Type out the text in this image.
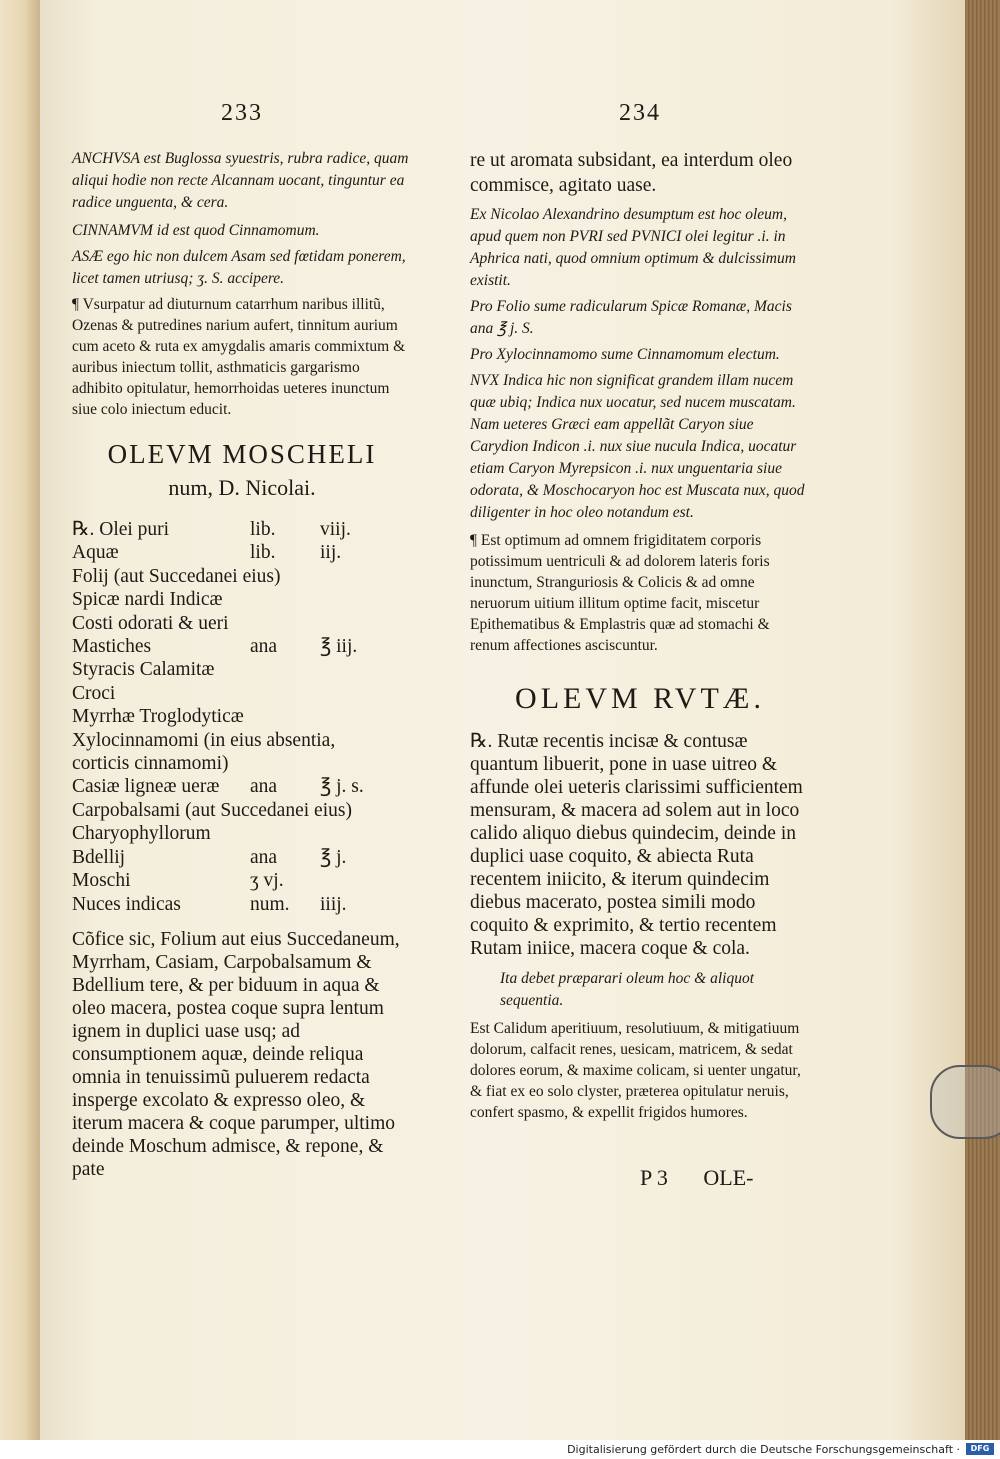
233

ANCHVSA est Buglossa syuestris, rubra radice, quam aliqui hodie non recte Alcannam uocant, tinguntur ea radice unguenta, & cera.

CINNAMVM id est quod Cinnamomum.

ASÆ ego hic non dulcem Asam sed fœtidam ponerem, licet tamen utriusq; ʒ. S. accipere.

¶ Vsurpatur ad diuturnum catarrhum naribus illitũ, Ozenas & putredines narium aufert, tinnitum aurium cum aceto & ruta ex amygdalis amaris commixtum & auribus iniectum tollit, asthmaticis gargarismo adhibito opitulatur, hemorrhoidas ueteres inunctum siue colo iniectum educit.

OLEVM MOSCHELI
num, D. Nicolai.
℞. Olei puri	lib.	viij.
Aquæ	lib.	iij.
Folij (aut Succedanei eius)
Spicæ nardi Indicæ
Costi odorati & ueri
Mastiches	ana	℥ iij.
Styracis Calamitæ
Croci
Myrrhæ Troglodyticæ
Xylocinnamomi (in eius absentia,
corticis cinnamomi)
Casiæ ligneæ ueræ	ana	℥ j. s.
Carpobalsami (aut Succedanei eius)
Charyophyllorum
Bdellij	ana	℥ j.
Moschi	ʒ vj.
Nuces indicas	num.	iiij.

Cõfice sic, Folium aut eius Succedaneum, Myrrham, Casiam, Carpobalsamum & Bdellium tere, & per biduum in aqua & oleo macera, postea coque supra lentum ignem in duplici uase usq; ad consumptionem aquæ, deinde reliqua omnia in tenuissimũ puluerem redacta insperge excolato & expresso oleo, & iterum macera & coque parumper, ultimo deinde Moschum admisce, & repone, & pate

234

re ut aromata subsidant, ea interdum oleo commisce, agitato uase.

Ex Nicolao Alexandrino desumptum est hoc oleum, apud quem non PVRI sed PVNICI olei legitur .i. in Aphrica nati, quod omnium optimum & dulcissimum existit.

Pro Folio sume radicularum Spicæ Romanæ, Macis ana ℥ j. S.

Pro Xylocinnamomo sume Cinnamomum electum.

NVX Indica hic non significat grandem illam nucem quæ ubiq; Indica nux uocatur, sed nucem muscatam. Nam ueteres Græci eam appellãt Caryon siue Carydion Indicon .i. nux siue nucula Indica, uocatur etiam Caryon Myrepsicon .i. nux unguentaria siue odorata, & Moschocaryon hoc est Muscata nux, quod diligenter in hoc oleo notandum est.

¶ Est optimum ad omnem frigiditatem corporis potissimum uentriculi & ad dolorem lateris foris inunctum, Stranguriosis & Colicis & ad omne neruorum uitium illitum optime facit, miscetur Epithematibus & Emplastris quæ ad stomachi & renum affectiones asciscuntur.

OLEVM RVTÆ.

℞. Rutæ recentis incisæ & contusæ quantum libuerit, pone in uase uitreo & affunde olei ueteris clarissimi sufficientem mensuram, & macera ad solem aut in loco calido aliquo diebus quindecim, deinde in duplici uase coquito, & abiecta Ruta recentem iniicito, & iterum quindecim diebus macerato, postea simili modo coquito & exprimito, & tertio recentem Rutam iniice, macera coque & cola.

Ita debet præparari oleum hoc & aliquot sequentia.

Est Calidum aperitiuum, resolutiuum, & mitigatiuum dolorum, calfacit renes, uesicam, matricem, & sedat dolores eorum, & maxime colicam, si uenter ungatur, & fiat ex eo solo clyster, præterea opitulatur neruis, confert spasmo, & expellit frigidos humores.

P 3 OLE-
Digitalisierung gefördert durch die Deutsche Forschungsgemeinschaft ·	DFG
